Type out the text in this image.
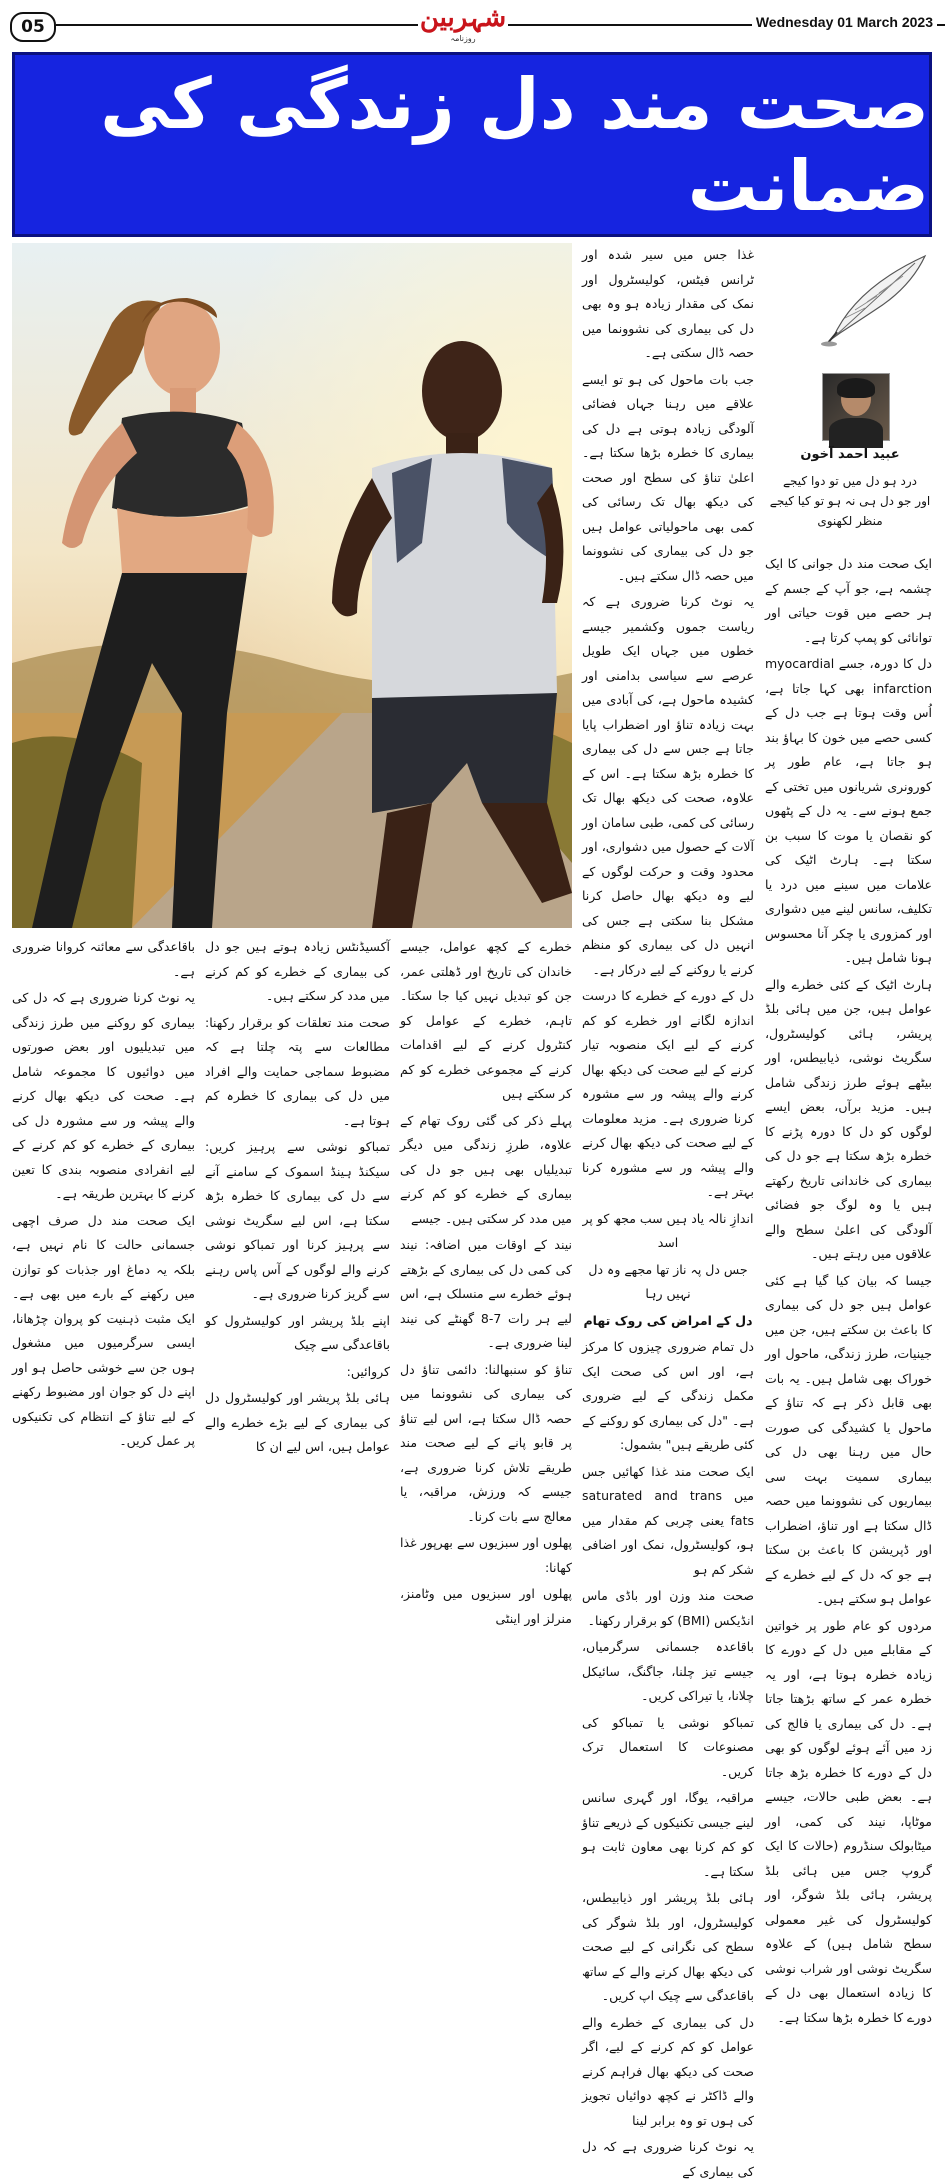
05	شہربین
روزنامہ
Wednesday 01 March 2023
صحت مند دل زندگی کی ضمانت
عبید احمد آخون
درد ہو دل میں تو دوا کیجے
اور جو دل ہی نہ ہو تو کیا کیجے
منظر لکھنوی

ایک صحت مند دل جوانی کا ایک چشمہ ہے، جو آپ کے جسم کے ہر حصے میں قوت حیاتی اور توانائی کو پمپ کرتا ہے۔

دل کا دورہ، جسے myocardial infarction بھی کہا جاتا ہے، اُس وقت ہوتا ہے جب دل کے کسی حصے میں خون کا بہاؤ بند ہو جاتا ہے، عام طور پر کورونری شریانوں میں تختی کے جمع ہونے سے۔ یہ دل کے پٹھوں کو نقصان یا موت کا سبب بن سکتا ہے۔ ہارٹ اٹیک کی علامات میں سینے میں درد یا تکلیف، سانس لینے میں دشواری اور کمزوری یا چکر آنا محسوس ہونا شامل ہیں۔

ہارٹ اٹیک کے کئی خطرے والے عوامل ہیں، جن میں ہائی بلڈ پریشر، ہائی کولیسٹرول، سگریٹ نوشی، ذیابیطس، اور بیٹھے ہوئے طرز زندگی شامل ہیں۔ مزید برآں، بعض ایسے لوگوں کو دل کا دورہ پڑنے کا خطرہ بڑھ سکتا ہے جو دل کی بیماری کی خاندانی تاریخ رکھتے ہیں یا وہ لوگ جو فضائی آلودگی کی اعلیٰ سطح والے علاقوں میں رہتے ہیں۔

جیسا کہ بیان کیا گیا ہے کئی عوامل ہیں جو دل کی بیماری کا باعث بن سکتے ہیں، جن میں جینیات، طرز زندگی، ماحول اور خوراک بھی شامل ہیں۔ یہ بات بھی قابل ذکر ہے کہ تناؤ کے ماحول یا کشیدگی کی صورت حال میں رہنا بھی دل کی بیماری سمیت بہت سی بیماریوں کی نشوونما میں حصہ ڈال سکتا ہے اور تناؤ، اضطراب اور ڈپریشن کا باعث بن سکتا ہے جو کہ دل کے لیے خطرے کے عوامل ہو سکتے ہیں۔

مردوں کو عام طور پر خواتین کے مقابلے میں دل کے دورے کا زیادہ خطرہ ہوتا ہے، اور یہ خطرہ عمر کے ساتھ بڑھتا جاتا ہے۔ دل کی بیماری یا فالج کی زد میں آئے ہوئے لوگوں کو بھی دل کے دورے کا خطرہ بڑھ جاتا ہے۔ بعض طبی حالات، جیسے موٹاپا، نیند کی کمی، اور میٹابولک سنڈروم (حالات کا ایک گروپ جس میں ہائی بلڈ پریشر، ہائی بلڈ شوگر، اور کولیسٹرول کی غیر معمولی سطح شامل ہیں) کے علاوہ سگریٹ نوشی اور شراب نوشی کا زیادہ استعمال بھی دل کے دورے کا خطرہ بڑھا سکتا ہے۔

غذا جس میں سیر شدہ اور ٹرانس فیٹس، کولیسٹرول اور نمک کی مقدار زیادہ ہو وہ بھی دل کی بیماری کی نشوونما میں حصہ ڈال سکتی ہے۔

جب بات ماحول کی ہو تو ایسے علاقے میں رہنا جہاں فضائی آلودگی زیادہ ہوتی ہے دل کی بیماری کا خطرہ بڑھا سکتا ہے۔ اعلیٰ تناؤ کی سطح اور صحت کی دیکھ بھال تک رسائی کی کمی بھی ماحولیاتی عوامل ہیں جو دل کی بیماری کی نشوونما میں حصہ ڈال سکتے ہیں۔

یہ نوٹ کرنا ضروری ہے کہ ریاست جموں وکشمیر جیسے خطوں میں جہاں ایک طویل عرصے سے سیاسی بدامنی اور کشیدہ ماحول ہے، کی آبادی میں بہت زیادہ تناؤ اور اضطراب پایا جاتا ہے جس سے دل کی بیماری کا خطرہ بڑھ سکتا ہے۔ اس کے علاوہ، صحت کی دیکھ بھال تک رسائی کی کمی، طبی سامان اور آلات کے حصول میں دشواری، اور محدود وقت و حرکت لوگوں کے لیے وہ دیکھ بھال حاصل کرنا مشکل بنا سکتی ہے جس کی انہیں دل کی بیماری کو منظم کرنے یا روکنے کے لیے درکار ہے۔

دل کے دورے کے خطرے کا درست اندازہ لگانے اور خطرے کو کم کرنے کے لیے ایک منصوبہ تیار کرنے کے لیے صحت کی دیکھ بھال کرنے والے پیشہ ور سے مشورہ کرنا ضروری ہے۔ مزید معلومات کے لیے صحت کی دیکھ بھال کرنے والے پیشہ ور سے مشورہ کرنا بہتر ہے۔

اندازِ نالہ یاد ہیں سب مجھ کو پر اسد

جس دل پہ ناز تھا مجھے وہ دل نہیں رہا

دل کے امراض کی روک تھام

دل تمام ضروری چیزوں کا مرکز ہے، اور اس کی صحت ایک مکمل زندگی کے لیے ضروری ہے۔ "دل کی بیماری کو روکنے کے کئی طریقے ہیں" بشمول:

ایک صحت مند غذا کھائیں جس میں saturated and trans fats یعنی چربی کم مقدار میں ہو، کولیسٹرول، نمک اور اضافی شکر کم ہو

صحت مند وزن اور باڈی ماس انڈیکس (BMI) کو برقرار رکھنا۔

باقاعدہ جسمانی سرگرمیاں، جیسے تیز چلنا، جاگنگ، سائیکل چلانا، یا تیراکی کریں۔

تمباکو نوشی یا تمباکو کی مصنوعات کا استعمال ترک کریں۔

مراقبہ، یوگا، اور گہری سانس لینے جیسی تکنیکوں کے ذریعے تناؤ کو کم کرنا بھی معاون ثابت ہو سکتا ہے۔

ہائی بلڈ پریشر اور ذیابیطس، کولیسٹرول، اور بلڈ شوگر کی سطح کی نگرانی کے لیے صحت کی دیکھ بھال کرنے والے کے ساتھ باقاعدگی سے چیک اپ کریں۔

دل کی بیماری کے خطرے والے عوامل کو کم کرنے کے لیے، اگر صحت کی دیکھ بھال فراہم کرنے والے ڈاکٹر نے کچھ دوائیاں تجویز کی ہوں تو وہ برابر لینا

یہ نوٹ کرنا ضروری ہے کہ دل کی بیماری کے

خطرے کے کچھ عوامل، جیسے خاندان کی تاریخ اور ڈھلتی عمر، جن کو تبدیل نہیں کیا جا سکتا۔ تاہم، خطرے کے عوامل کو کنٹرول کرنے کے لیے اقدامات کرنے کے مجموعی خطرے کو کم کر سکتے ہیں

پہلے ذکر کی گئی روک تھام کے علاوہ، طرزِ زندگی میں دیگر تبدیلیاں بھی ہیں جو دل کی بیماری کے خطرے کو کم کرنے میں مدد کر سکتی ہیں۔ جیسے

نیند کے اوقات میں اضافہ: نیند کی کمی دل کی بیماری کے بڑھتے ہوئے خطرے سے منسلک ہے، اس لیے ہر رات 7-8 گھنٹے کی نیند لینا ضروری ہے۔

تناؤ کو سنبھالنا: دائمی تناؤ دل کی بیماری کی نشوونما میں حصہ ڈال سکتا ہے، اس لیے تناؤ پر قابو پانے کے لیے صحت مند طریقے تلاش کرنا ضروری ہے، جیسے کہ ورزش، مراقبہ، یا معالج سے بات کرنا۔

پھلوں اور سبزیوں سے بھرپور غذا کھانا:

پھلوں اور سبزیوں میں وٹامنز، منرلز اور اینٹی

آکسیڈنٹس زیادہ ہوتے ہیں جو دل کی بیماری کے خطرے کو کم کرنے میں مدد کر سکتے ہیں۔

صحت مند تعلقات کو برقرار رکھنا: مطالعات سے پتہ چلتا ہے کہ مضبوط سماجی حمایت والے افراد میں دل کی بیماری کا خطرہ کم ہوتا ہے۔

تمباکو نوشی سے پرہیز کریں: سیکنڈ ہینڈ اسموک کے سامنے آنے سے دل کی بیماری کا خطرہ بڑھ سکتا ہے، اس لیے سگریٹ نوشی سے پرہیز کرنا اور تمباکو نوشی کرنے والے لوگوں کے آس پاس رہنے سے گریز کرنا ضروری ہے۔

اپنے بلڈ پریشر اور کولیسٹرول کو باقاعدگی سے چیک

کروائیں:

ہائی بلڈ پریشر اور کولیسٹرول دل کی بیماری کے لیے بڑے خطرے والے عوامل ہیں، اس لیے ان کا

باقاعدگی سے معائنہ کروانا ضروری ہے۔

یہ نوٹ کرنا ضروری ہے کہ دل کی بیماری کو روکنے میں طرز زندگی میں تبدیلیوں اور بعض صورتوں میں دوائیوں کا مجموعہ شامل ہے۔ صحت کی دیکھ بھال کرنے والے پیشہ ور سے مشورہ دل کی بیماری کے خطرے کو کم کرنے کے لیے انفرادی منصوبہ بندی کا تعین کرنے کا بہترین طریقہ ہے۔

ایک صحت مند دل صرف اچھی جسمانی حالت کا نام نہیں ہے، بلکہ یہ دماغ اور جذبات کو توازن میں رکھنے کے بارے میں بھی ہے۔ ایک مثبت ذہنیت کو پروان چڑھانا، ایسی سرگرمیوں میں مشغول ہوں جن سے خوشی حاصل ہو اور اپنے دل کو جوان اور مضبوط رکھنے کے لیے تناؤ کے انتظام کی تکنیکوں پر عمل کریں۔
